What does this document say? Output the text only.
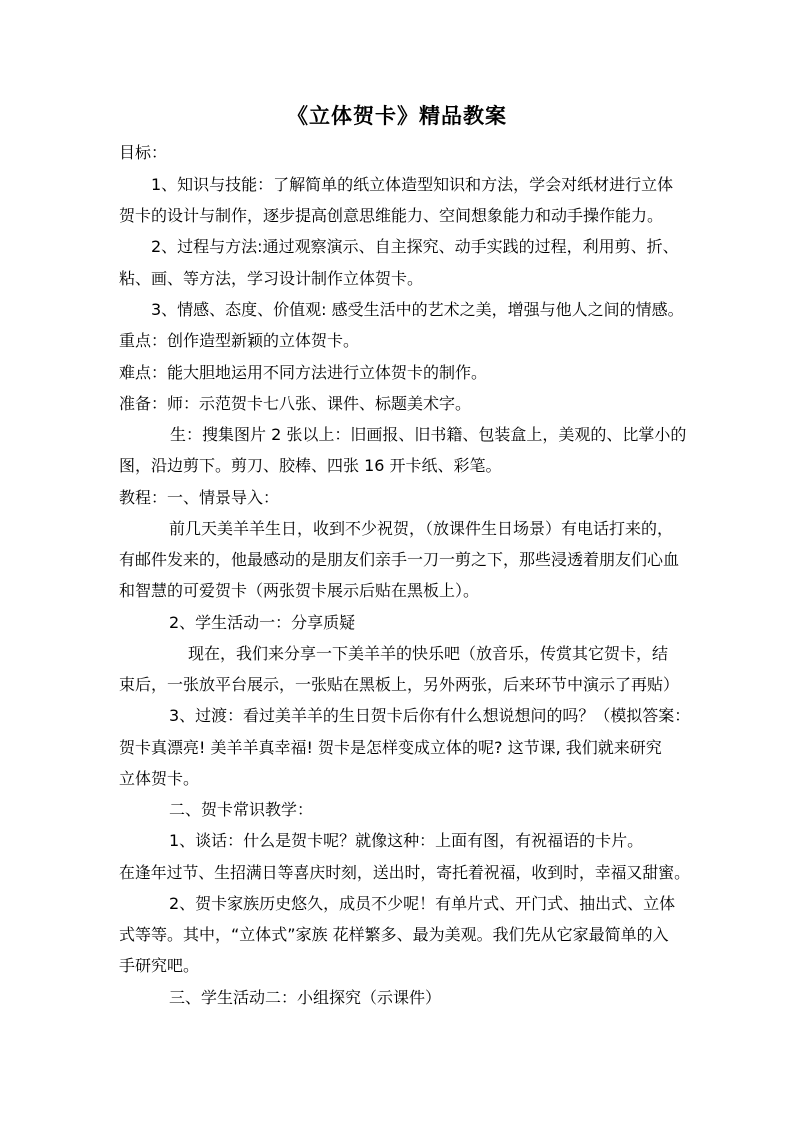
《立体贺卡》精品教案
目标：
1、知识与技能：了解简单的纸立体造型知识和方法，学会对纸材进行立体
贺卡的设计与制作，逐步提高创意思维能力、空间想象能力和动手操作能力。
2、过程与方法:通过观察演示、自主探究、动手实践的过程，利用剪、折、
粘、画、等方法，学习设计制作立体贺卡。
3、情感、态度、价值观: 感受生活中的艺术之美，增强与他人之间的情感。
重点：创作造型新颖的立体贺卡。
难点：能大胆地运用不同方法进行立体贺卡的制作。
准备：师：示范贺卡七八张、课件、标题美术字。
生：搜集图片 2 张以上：旧画报、旧书籍、包装盒上，美观的、比掌小的
图，沿边剪下。剪刀、胶棒、四张 16 开卡纸、彩笔。
教程：一、情景导入：
前几天美羊羊生日，收到不少祝贺，（放课件生日场景）有电话打来的，
有邮件发来的，他最感动的是朋友们亲手一刀一剪之下，那些浸透着朋友们心血
和智慧的可爱贺卡（两张贺卡展示后贴在黑板上）。
2、学生活动一：分享质疑
现在，我们来分享一下美羊羊的快乐吧（放音乐，传赏其它贺卡，结
束后，一张放平台展示，一张贴在黑板上，另外两张，后来环节中演示了再贴）
3、过渡：看过美羊羊的生日贺卡后你有什么想说想问的吗？（模拟答案：
贺卡真漂亮! 美羊羊真幸福! 贺卡是怎样变成立体的呢? 这节课, 我们就来研究
立体贺卡。
二、贺卡常识教学：
1、谈话：什么是贺卡呢？就像这种：上面有图，有祝福语的卡片。
在逢年过节、生招满日等喜庆时刻，送出时，寄托着祝福，收到时，幸福又甜蜜。
2、贺卡家族历史悠久，成员不少呢！有单片式、开门式、抽出式、立体
式等等。其中，“立体式”家族 花样繁多、最为美观。我们先从它家最简单的入
手研究吧。
三、学生活动二：小组探究（示课件）
